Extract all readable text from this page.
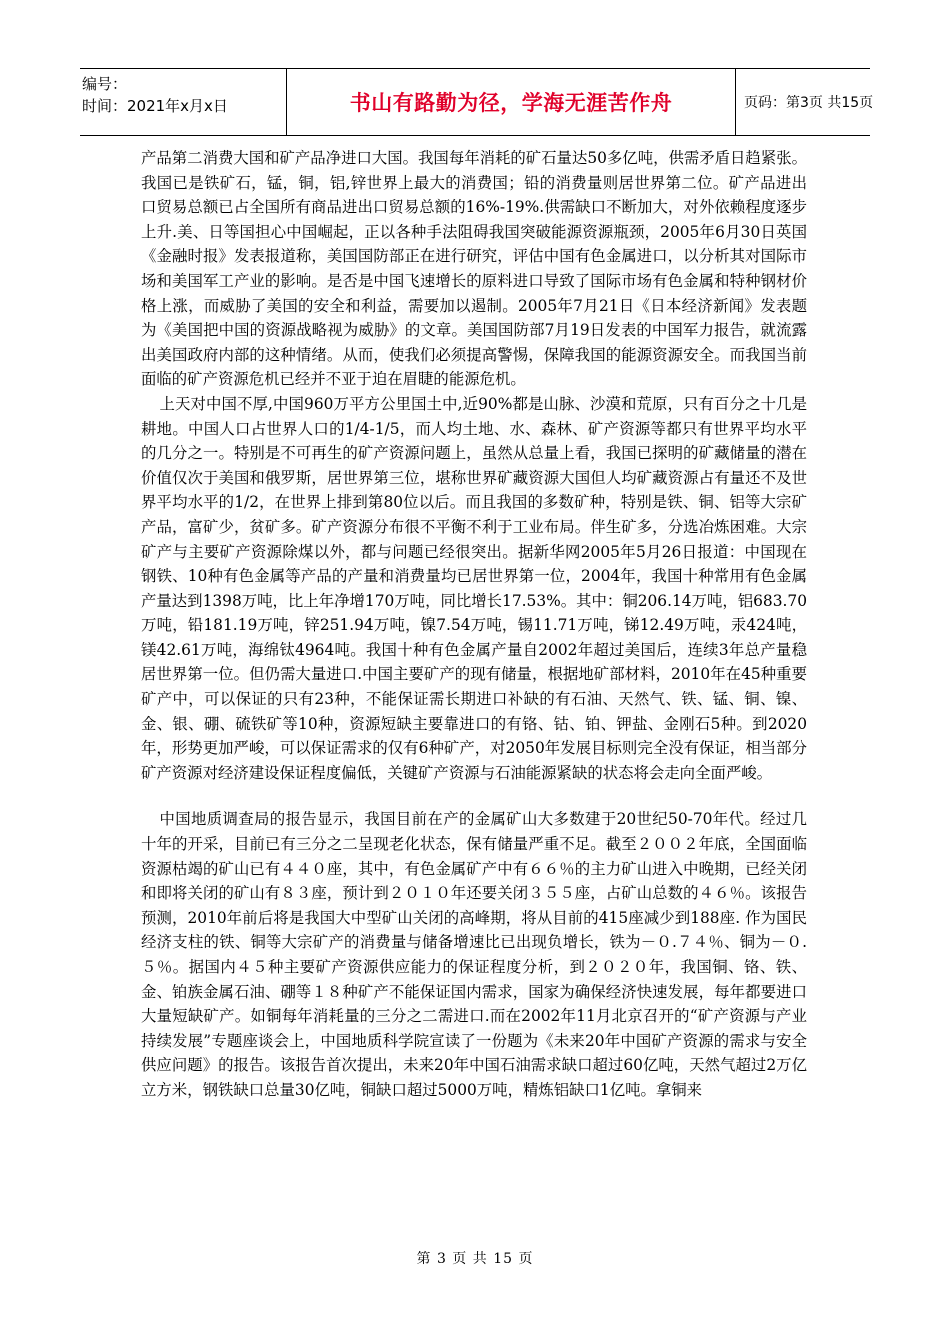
编号：
时间：2021年x月x日	书山有路勤为径，学海无涯苦作舟	页码：第3页 共15页

产品第二消费大国和矿产品净进口大国。我国每年消耗的矿石量达50多亿吨，供需矛盾日趋紧张。我国已是铁矿石，锰，铜，铝,锌世界上最大的消费国；铅的消费量则居世界第二位。矿产品进出口贸易总额已占全国所有商品进出口贸易总额的16%-19%.供需缺口不断加大，对外依赖程度逐步上升.美、日等国担心中国崛起，正以各种手法阻碍我国突破能源资源瓶颈，2005年6月30日英国《金融时报》发表报道称，美国国防部正在进行研究，评估中国有色金属进口，以分析其对国际市场和美国军工产业的影响。是否是中国飞速增长的原料进口导致了国际市场有色金属和特种钢材价格上涨，而威胁了美国的安全和利益，需要加以遏制。2005年7月21日《日本经济新闻》发表题为《美国把中国的资源战略视为威胁》的文章。美国国防部7月19日发表的中国军力报告，就流露出美国政府内部的这种情绪。从而，使我们必须提高警惕，保障我国的能源资源安全。而我国当前面临的矿产资源危机已经并不亚于迫在眉睫的能源危机。

上天对中国不厚,中国960万平方公里国土中,近90%都是山脉、沙漠和荒原，只有百分之十几是耕地。中国人口占世界人口的1/4-1/5，而人均土地、水、森林、矿产资源等都只有世界平均水平的几分之一。特别是不可再生的矿产资源问题上，虽然从总量上看，我国已探明的矿藏储量的潜在价值仅次于美国和俄罗斯，居世界第三位，堪称世界矿藏资源大国但人均矿藏资源占有量还不及世界平均水平的1/2，在世界上排到第80位以后。而且我国的多数矿种，特别是铁、铜、铝等大宗矿产品，富矿少，贫矿多。矿产资源分布很不平衡不利于工业布局。伴生矿多，分选冶炼困难。大宗矿产与主要矿产资源除煤以外，都与问题已经很突出。据新华网2005年5月26日报道：中国现在钢铁、10种有色金属等产品的产量和消费量均已居世界第一位，2004年，我国十种常用有色金属产量达到1398万吨，比上年净增170万吨，同比增长17.53%。其中：铜206.14万吨，铝683.70万吨，铅181.19万吨，锌251.94万吨，镍7.54万吨，锡11.71万吨，锑12.49万吨，汞424吨，镁42.61万吨，海绵钛4964吨。我国十种有色金属产量自2002年超过美国后，连续3年总产量稳居世界第一位。但仍需大量进口.中国主要矿产的现有储量，根据地矿部材料，2010年在45种重要矿产中，可以保证的只有23种，不能保证需长期进口补缺的有石油、天然气、铁、锰、铜、镍、金、银、硼、硫铁矿等10种，资源短缺主要靠进口的有铬、钴、铂、钾盐、金刚石5种。到2020年，形势更加严峻，可以保证需求的仅有6种矿产，对2050年发展目标则完全没有保证，相当部分矿产资源对经济建设保证程度偏低，关键矿产资源与石油能源紧缺的状态将会走向全面严峻。

中国地质调查局的报告显示，我国目前在产的金属矿山大多数建于20世纪50-70年代。经过几十年的开采，目前已有三分之二呈现老化状态，保有储量严重不足。截至２００２年底，全国面临资源枯竭的矿山已有４４０座，其中，有色金属矿产中有６６％的主力矿山进入中晚期，已经关闭和即将关闭的矿山有８３座，预计到２０１０年还要关闭３５５座，占矿山总数的４６％。该报告预测，2010年前后将是我国大中型矿山关闭的高峰期，将从目前的415座减少到188座. 作为国民经济支柱的铁、铜等大宗矿产的消费量与储备增速比已出现负增长，铁为－０.７４％、铜为－０.５％。据国内４５种主要矿产资源供应能力的保证程度分析，到２０２０年，我国铜、铬、铁、金、铂族金属石油、硼等１８种矿产不能保证国内需求，国家为确保经济快速发展，每年都要进口大量短缺矿产。如铜每年消耗量的三分之二需进口.而在2002年11月北京召开的“矿产资源与产业持续发展”专题座谈会上，中国地质科学院宣读了一份题为《未来20年中国矿产资源的需求与安全供应问题》的报告。该报告首次提出，未来20年中国石油需求缺口超过60亿吨，天然气超过2万亿立方米，钢铁缺口总量30亿吨，铜缺口超过5000万吨，精炼铝缺口1亿吨。拿铜来

第 3 页 共 15 页
